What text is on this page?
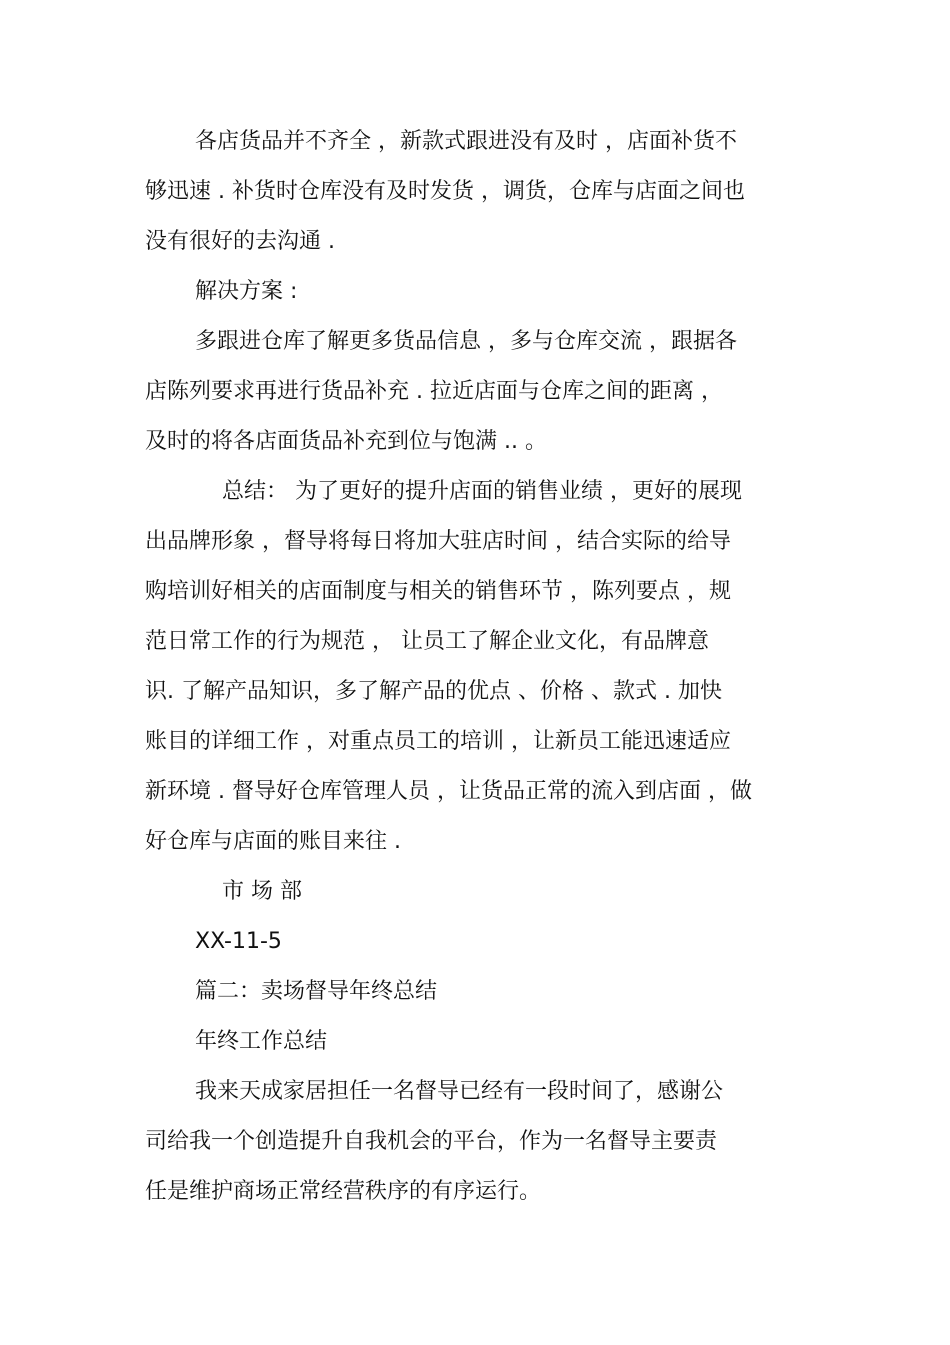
各店货品并不齐全 ，新款式跟进没有及时 ，店面补货不
够迅速 . 补货时仓库没有及时发货 ，调货，仓库与店面之间也
没有很好的去沟通 .
解决方案 :
多跟进仓库了解更多货品信息 ，多与仓库交流 ，跟据各
店陈列要求再进行货品补充 . 拉近店面与仓库之间的距离 ，
及时的将各店面货品补充到位与饱满 .. 。
总结： 为了更好的提升店面的销售业绩 ，更好的展现
出品牌形象 ，督导将每日将加大驻店时间 ，结合实际的给导
购培训好相关的店面制度与相关的销售环节 ，陈列要点 ，规
范日常工作的行为规范 ， 让员工了解企业文化，有品牌意
识. 了解产品知识，多了解产品的优点 、价格 、款式 . 加快
账目的详细工作 ，对重点员工的培训 ，让新员工能迅速适应
新环境 . 督导好仓库管理人员 ，让货品正常的流入到店面 ，做
好仓库与店面的账目来往 .
市 场 部
XX-11-5
篇二：卖场督导年终总结
年终工作总结
我来天成家居担任一名督导已经有一段时间了，感谢公
司给我一个创造提升自我机会的平台，作为一名督导主要责
任是维护商场正常经营秩序的有序运行。
